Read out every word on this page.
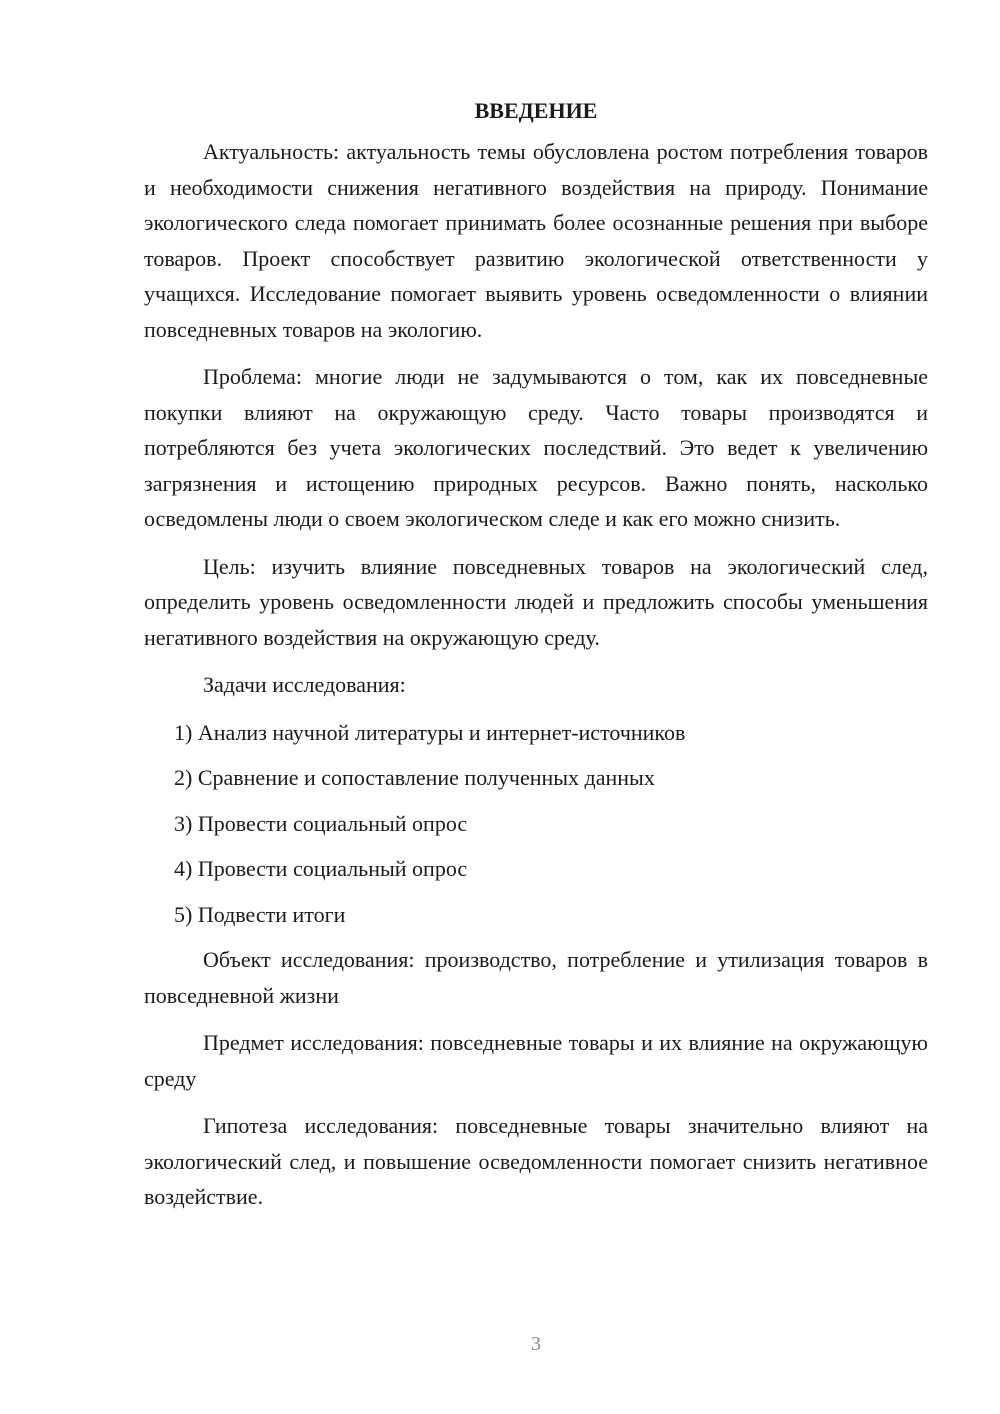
ВВЕДЕНИЕ

Актуальность: актуальность темы обусловлена ростом потребления товаров и необходимости снижения негативного воздействия на природу. Понимание экологического следа помогает принимать более осознанные решения при выборе товаров. Проект способствует развитию экологической ответственности у учащихся. Исследование помогает выявить уровень осведомленности о влиянии повседневных товаров на экологию.

Проблема: многие люди не задумываются о том, как их повседневные покупки влияют на окружающую среду. Часто товары производятся и потребляются без учета экологических последствий. Это ведет к увеличению загрязнения и истощению природных ресурсов. Важно понять, насколько осведомлены люди о своем экологическом следе и как его можно снизить.

Цель: изучить влияние повседневных товаров на экологический след, определить уровень осведомленности людей и предложить способы уменьшения негативного воздействия на окружающую среду.

Задачи исследования:

1) Анализ научной литературы и интернет-источников

2) Сравнение и сопоставление полученных данных

3) Провести социальный опрос

4) Провести социальный опрос

5) Подвести итоги

Объект исследования: производство, потребление и утилизация товаров в повседневной жизни

Предмет исследования: повседневные товары и их влияние на окружающую среду

Гипотеза исследования: повседневные товары значительно влияют на экологический след, и повышение осведомленности помогает снизить негативное воздействие.

3
